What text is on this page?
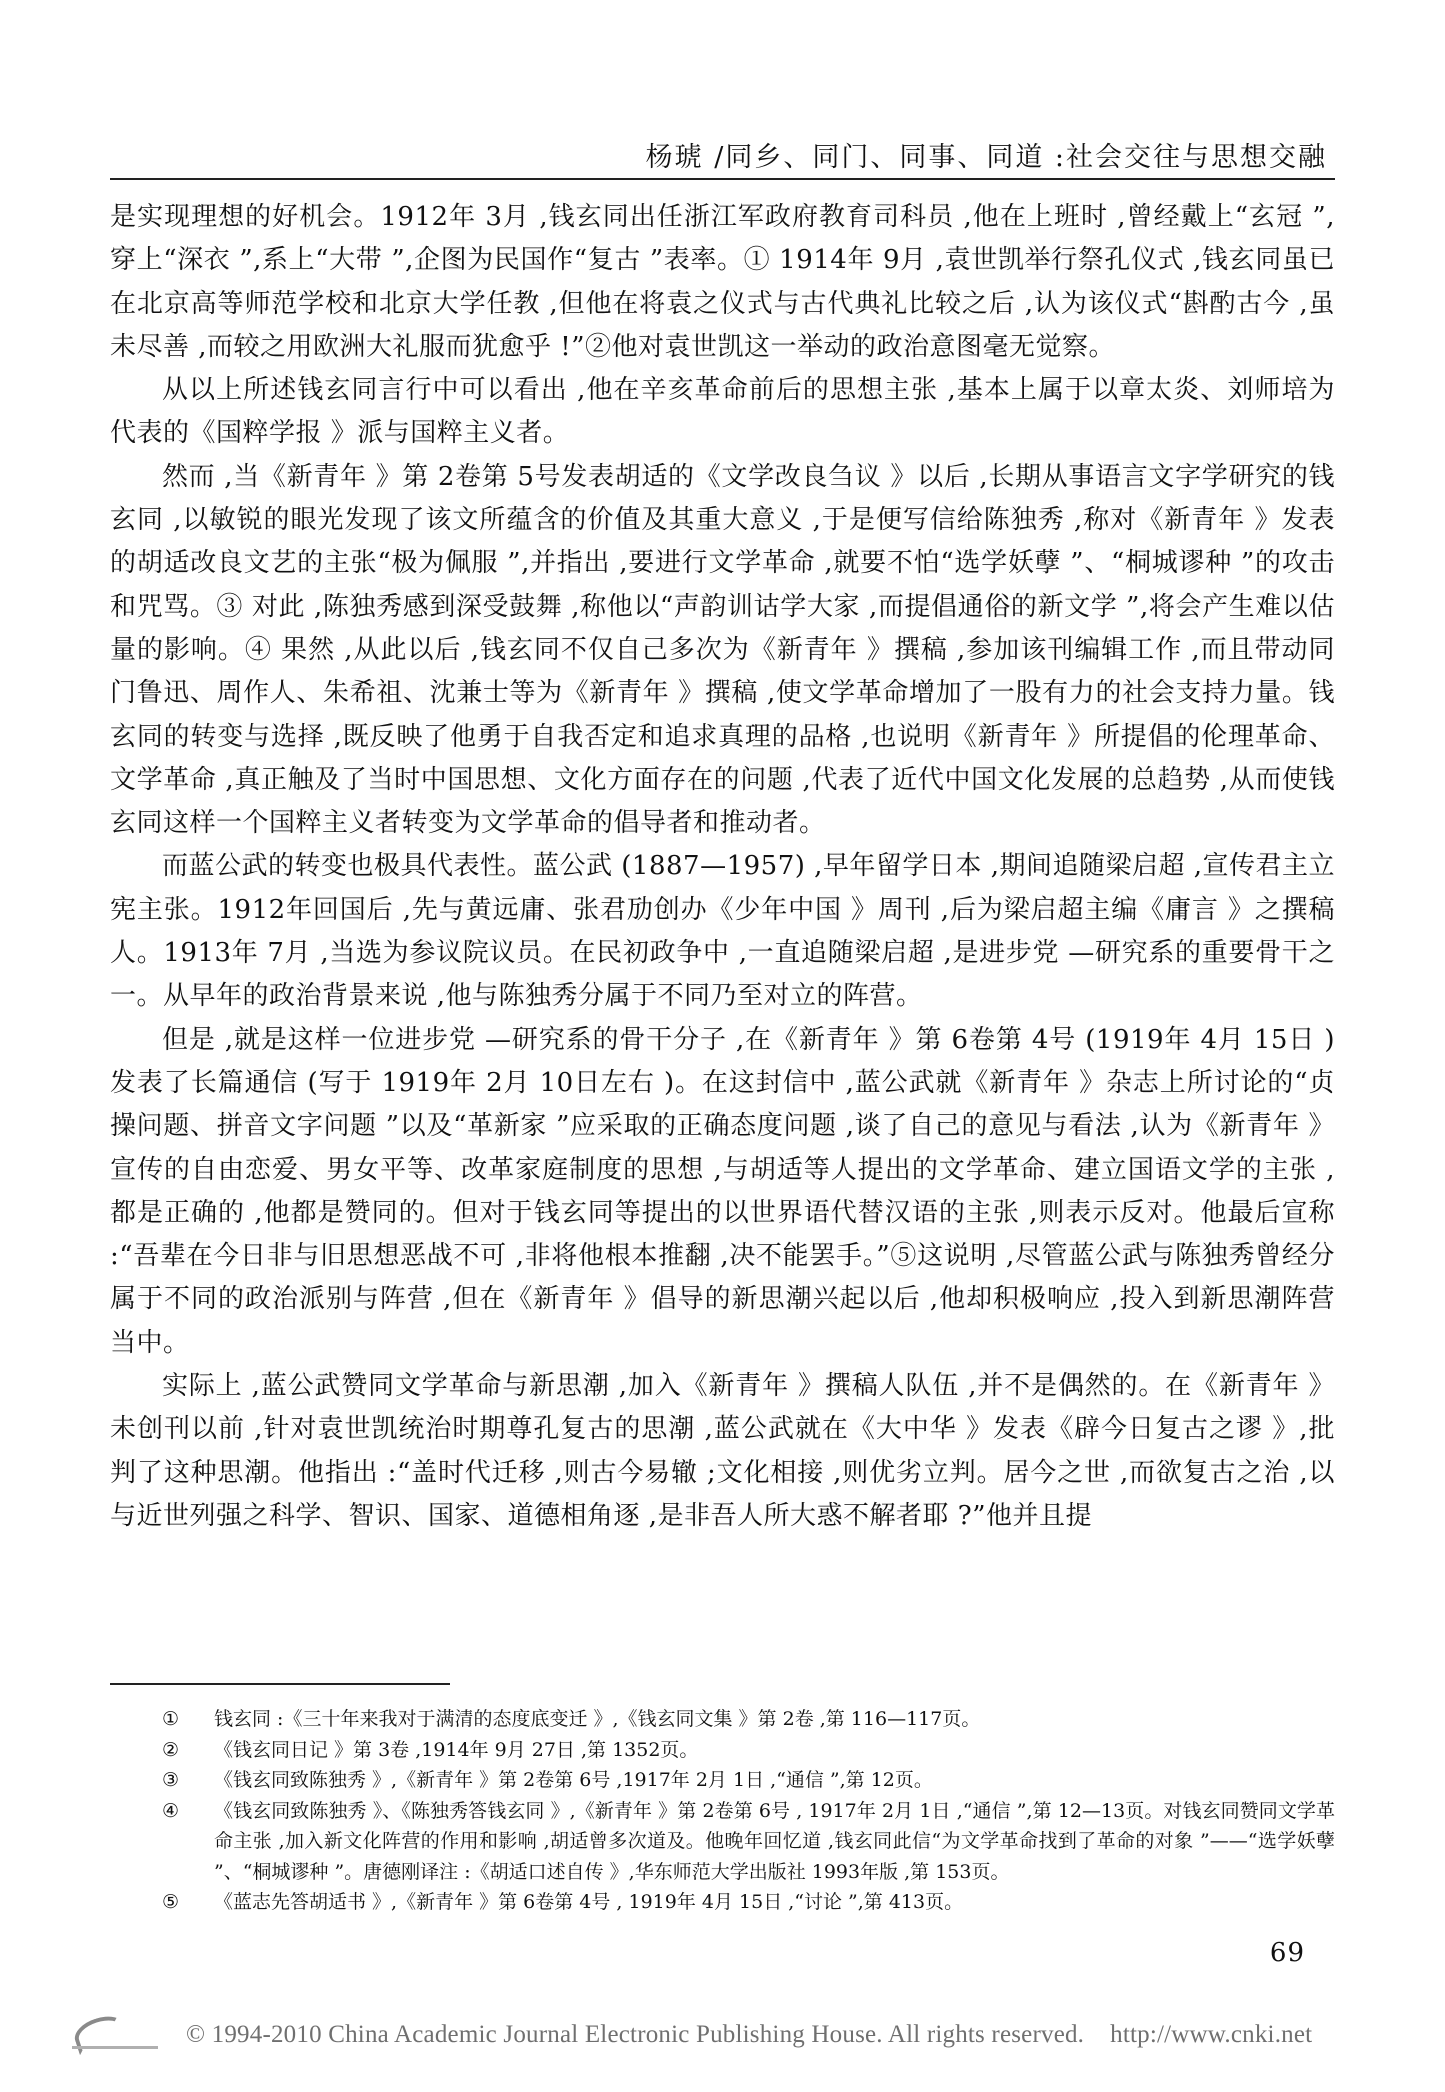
杨琥 /同乡、同门、同事、同道 :社会交往与思想交融

是实现理想的好机会。1912年 3月 ,钱玄同出任浙江军政府教育司科员 ,他在上班时 ,曾经戴上“玄冠 ”,穿上“深衣 ”,系上“大带 ”,企图为民国作“复古 ”表率。① 1914年 9月 ,袁世凯举行祭孔仪式 ,钱玄同虽已在北京高等师范学校和北京大学任教 ,但他在将袁之仪式与古代典礼比较之后 ,认为该仪式“斟酌古今 ,虽未尽善 ,而较之用欧洲大礼服而犹愈乎 !”②他对袁世凯这一举动的政治意图毫无觉察。

从以上所述钱玄同言行中可以看出 ,他在辛亥革命前后的思想主张 ,基本上属于以章太炎、刘师培为代表的《国粹学报 》派与国粹主义者。

然而 ,当《新青年 》第 2卷第 5号发表胡适的《文学改良刍议 》以后 ,长期从事语言文字学研究的钱玄同 ,以敏锐的眼光发现了该文所蕴含的价值及其重大意义 ,于是便写信给陈独秀 ,称对《新青年 》发表的胡适改良文艺的主张“极为佩服 ”,并指出 ,要进行文学革命 ,就要不怕“选学妖孽 ”、“桐城谬种 ”的攻击和咒骂。③ 对此 ,陈独秀感到深受鼓舞 ,称他以“声韵训诂学大家 ,而提倡通俗的新文学 ”,将会产生难以估量的影响。④ 果然 ,从此以后 ,钱玄同不仅自己多次为《新青年 》撰稿 ,参加该刊编辑工作 ,而且带动同门鲁迅、周作人、朱希祖、沈兼士等为《新青年 》撰稿 ,使文学革命增加了一股有力的社会支持力量。钱玄同的转变与选择 ,既反映了他勇于自我否定和追求真理的品格 ,也说明《新青年 》所提倡的伦理革命、文学革命 ,真正触及了当时中国思想、文化方面存在的问题 ,代表了近代中国文化发展的总趋势 ,从而使钱玄同这样一个国粹主义者转变为文学革命的倡导者和推动者。

而蓝公武的转变也极具代表性。蓝公武 (1887—1957) ,早年留学日本 ,期间追随梁启超 ,宣传君主立宪主张。1912年回国后 ,先与黄远庸、张君劢创办《少年中国 》周刊 ,后为梁启超主编《庸言 》之撰稿人。1913年 7月 ,当选为参议院议员。在民初政争中 ,一直追随梁启超 ,是进步党 —研究系的重要骨干之一。从早年的政治背景来说 ,他与陈独秀分属于不同乃至对立的阵营。

但是 ,就是这样一位进步党 —研究系的骨干分子 ,在《新青年 》第 6卷第 4号 (1919年 4月 15日 )发表了长篇通信 (写于 1919年 2月 10日左右 )。在这封信中 ,蓝公武就《新青年 》杂志上所讨论的“贞操问题、拼音文字问题 ”以及“革新家 ”应采取的正确态度问题 ,谈了自己的意见与看法 ,认为《新青年 》宣传的自由恋爱、男女平等、改革家庭制度的思想 ,与胡适等人提出的文学革命、建立国语文学的主张 ,都是正确的 ,他都是赞同的。但对于钱玄同等提出的以世界语代替汉语的主张 ,则表示反对。他最后宣称 :“吾辈在今日非与旧思想恶战不可 ,非将他根本推翻 ,决不能罢手。”⑤这说明 ,尽管蓝公武与陈独秀曾经分属于不同的政治派别与阵营 ,但在《新青年 》倡导的新思潮兴起以后 ,他却积极响应 ,投入到新思潮阵营当中。

实际上 ,蓝公武赞同文学革命与新思潮 ,加入《新青年 》撰稿人队伍 ,并不是偶然的。在《新青年 》未创刊以前 ,针对袁世凯统治时期尊孔复古的思潮 ,蓝公武就在《大中华 》发表《辟今日复古之谬 》,批判了这种思潮。他指出 :“盖时代迁移 ,则古今易辙 ;文化相接 ,则优劣立判。居今之世 ,而欲复古之治 ,以与近世列强之科学、智识、国家、道德相角逐 ,是非吾人所大惑不解者耶 ?”他并且提

①	钱玄同 :《三十年来我对于满清的态度底变迁 》,《钱玄同文集 》第 2卷 ,第 116—117页。
②	《钱玄同日记 》第 3卷 ,1914年 9月 27日 ,第 1352页。
③	《钱玄同致陈独秀 》,《新青年 》第 2卷第 6号 ,1917年 2月 1日 ,“通信 ”,第 12页。
④	《钱玄同致陈独秀 》、《陈独秀答钱玄同 》,《新青年 》第 2卷第 6号 , 1917年 2月 1日 ,“通信 ”,第 12—13页。对钱玄同赞同文学革命主张 ,加入新文化阵营的作用和影响 ,胡适曾多次道及。他晚年回忆道 ,钱玄同此信“为文学革命找到了革命的对象 ”——“选学妖孽 ”、“桐城谬种 ”。唐德刚译注 :《胡适口述自传 》,华东师范大学出版社 1993年版 ,第 153页。
⑤	《蓝志先答胡适书 》,《新青年 》第 6卷第 4号 , 1919年 4月 15日 ,“讨论 ”,第 413页。
69
© 1994-2010 China Academic Journal Electronic Publishing House. All rights reserved. http://www.cnki.net
